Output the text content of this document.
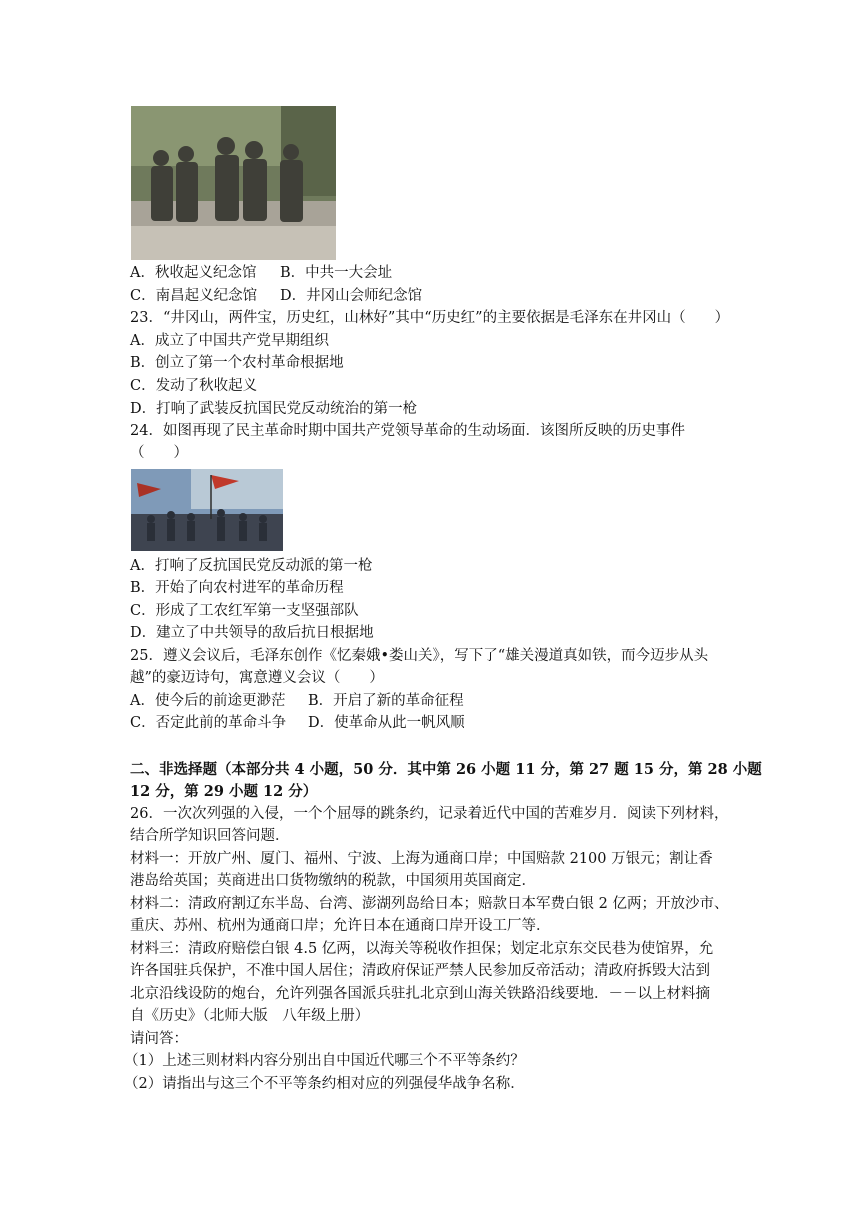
A．秋收起义纪念馆 B．中共一大会址
C．南昌起义纪念馆 D．井冈山会师纪念馆
23．“井冈山，两件宝，历史红，山林好”其中“历史红”的主要依据是毛泽东在井冈山（　　）
A．成立了中国共产党早期组织
B．创立了第一个农村革命根据地
C．发动了秋收起义
D．打响了武装反抗国民党反动统治的第一枪
24．如图再现了民主革命时期中国共产党领导革命的生动场面．该图所反映的历史事件
（　　）
A．打响了反抗国民党反动派的第一枪
B．开始了向农村进军的革命历程
C．形成了工农红军第一支坚强部队
D．建立了中共领导的敌后抗日根据地
25．遵义会议后，毛泽东创作《忆秦娥•娄山关》，写下了“雄关漫道真如铁，而今迈步从头
越”的豪迈诗句，寓意遵义会议（　　）
A．使今后的前途更渺茫 B．开启了新的革命征程
C．否定此前的革命斗争 D．使革命从此一帆风顺
二、非选择题（本部分共 4 小题，50 分．其中第 26 小题 11 分，第 27 题 15 分，第 28 小题
12 分，第 29 小题 12 分）
26．一次次列强的入侵，一个个屈辱的跳条约，记录着近代中国的苦难岁月．阅读下列材料，
结合所学知识回答问题．
材料一：开放广州、厦门、福州、宁波、上海为通商口岸；中国赔款 2100 万银元；割让香
港岛给英国；英商进出口货物缴纳的税款，中国须用英国商定．
材料二：清政府割辽东半岛、台湾、澎湖列岛给日本；赔款日本军费白银 2 亿两；开放沙市、
重庆、苏州、杭州为通商口岸；允许日本在通商口岸开设工厂等．
材料三：清政府赔偿白银 4.5 亿两，以海关等税收作担保；划定北京东交民巷为使馆界，允
许各国驻兵保护，不准中国人居住；清政府保证严禁人民参加反帝活动；清政府拆毁大沽到
北京沿线设防的炮台，允许列强各国派兵驻扎北京到山海关铁路沿线要地．－－以上材料摘
自《历史》（北师大版　八年级上册）
请问答：
（1）上述三则材料内容分别出自中国近代哪三个不平等条约？
（2）请指出与这三个不平等条约相对应的列强侵华战争名称．
